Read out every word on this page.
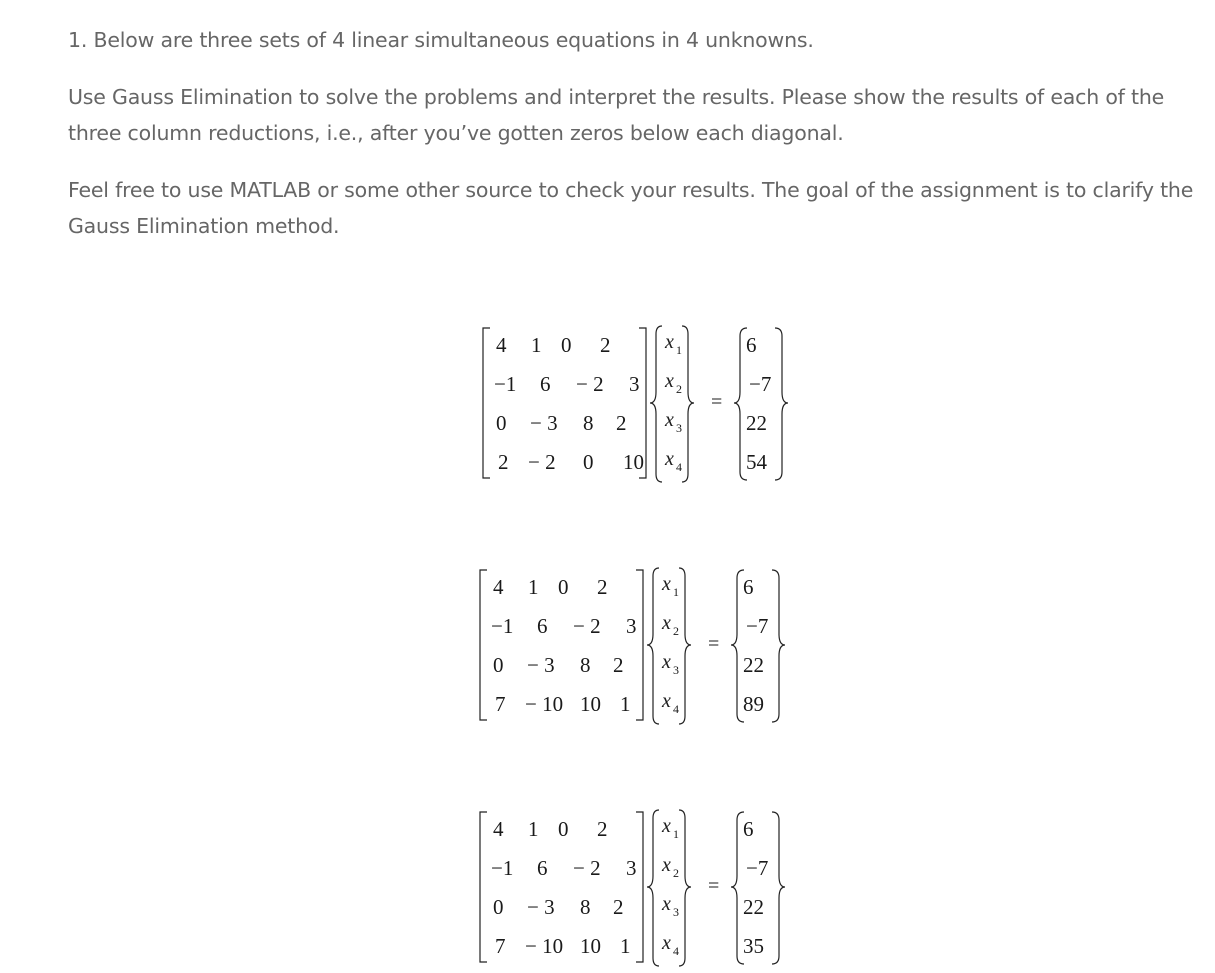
1. Below are three sets of 4 linear simultaneous equations in 4 unknowns.

Use Gauss Elimination to solve the problems and interpret the results. Please show the results of each of the three column reductions, i.e., after you’ve gotten zeros below each diagonal.

Feel free to use MATLAB or some other source to check your results. The goal of the assignment is to clarify the Gauss Elimination method.

4 1 0 2
−1 6 − 2 3
0 − 3 8 2
2 − 2 0 10
x 1
x 2
x 3
x 4
=
6
−7
22
54
4 1 0 2
−1 6 − 2 3
0 − 3 8 2
7 − 10 10 1
x 1
x 2
x 3
x 4
=
6
−7
22
89
4 1 0 2
−1 6 − 2 3
0 − 3 8 2
7 − 10 10 1
x 1
x 2
x 3
x 4
=
6
−7
22
35
